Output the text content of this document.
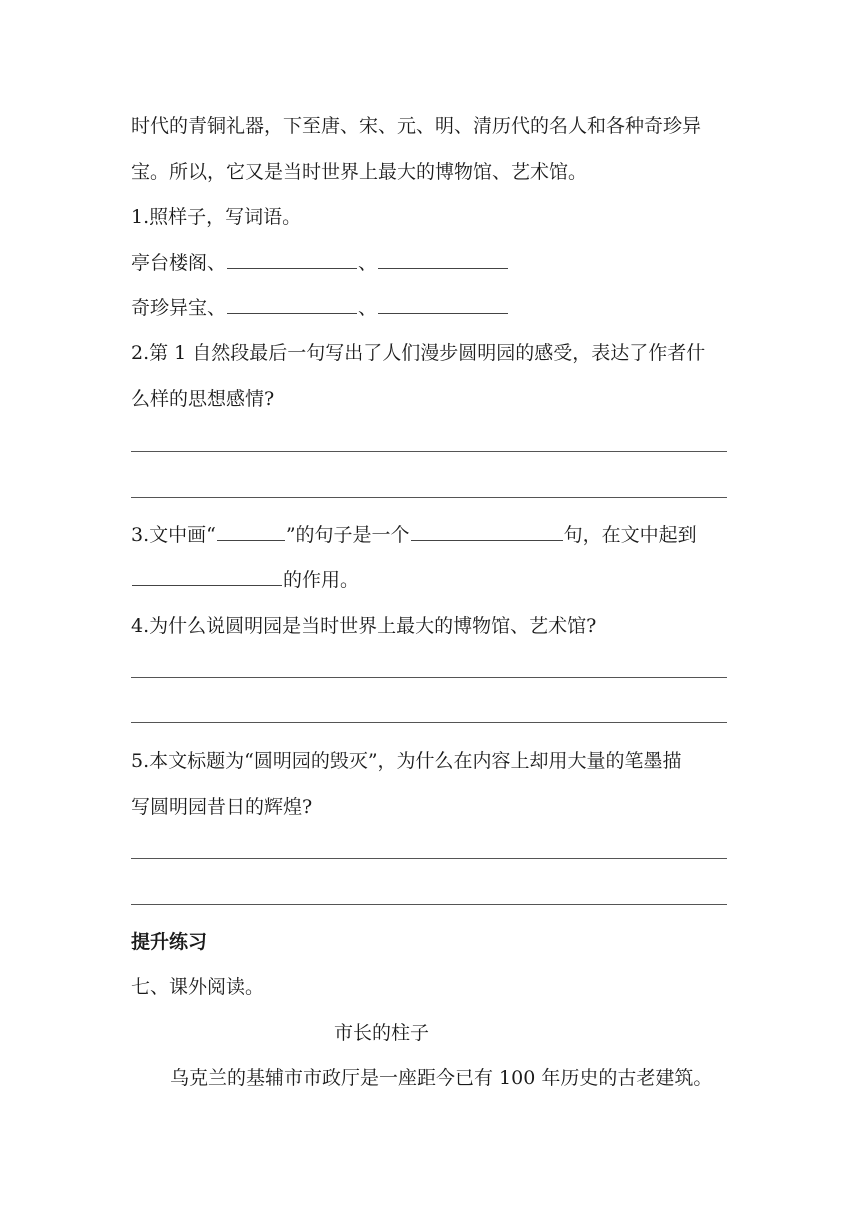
时代的青铜礼器，下至唐、宋、元、明、清历代的名人和各种奇珍异
宝。所以，它又是当时世界上最大的博物馆、艺术馆。
1.照样子，写词语。
亭台楼阁、	、
奇珍异宝、	、
2.第 1 自然段最后一句写出了人们漫步圆明园的感受，表达了作者什
么样的思想感情?
3.文中画“	”的句子是一个	句，在文中起到
的作用。
4.为什么说圆明园是当时世界上最大的博物馆、艺术馆?
5.本文标题为“圆明园的毁灭”，为什么在内容上却用大量的笔墨描
写圆明园昔日的辉煌?
提升练习
七、课外阅读。
市长的柱子
乌克兰的基辅市市政厅是一座距今已有 100 年历史的古老建筑。
